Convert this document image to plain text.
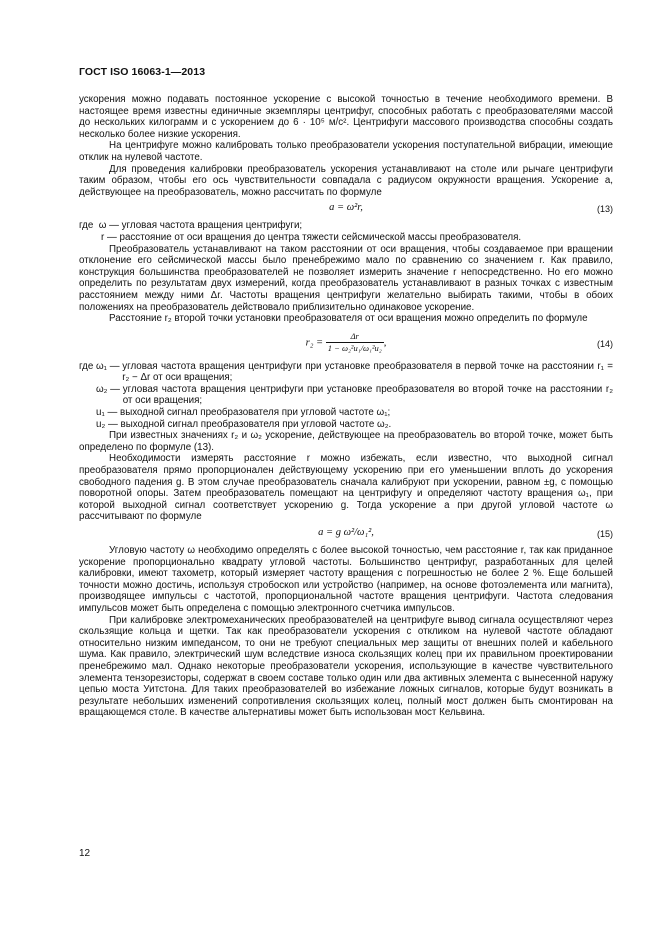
ГОСТ ISO 16063-1—2013

ускорения можно подавать постоянное ускорение с высокой точностью в течение необходимого времени. В настоящее время известны единичные экземпляры центрифуг, способных работать с преобразователями массой до нескольких килограмм и с ускорением до 6 · 10⁵ м/с². Центрифуги массового производства способны создать несколько более низкие ускорения.

На центрифуге можно калибровать только преобразователи ускорения поступательной вибрации, имеющие отклик на нулевой частоте.

Для проведения калибровки преобразователь ускорения устанавливают на столе или рычаге центрифуги таким образом, чтобы его ось чувствительности совпадала с радиусом окружности вращения. Ускорение a, действующее на преобразователь, можно рассчитать по формуле

a = ω²r,	(13)
где  ω — угловая частота вращения центрифуги;
r — расстояние от оси вращения до центра тяжести сейсмической массы преобразователя.

Преобразователь устанавливают на таком расстоянии от оси вращения, чтобы создаваемое при вращении отклонение его сейсмической массы было пренебрежимо мало по сравнению со значением r. Как правило, конструкция большинства преобразователей не позволяет измерить значение r непосредственно. Но его можно определить по результатам двух измерений, когда преобразователь устанавливают в разных точках с известным расстоянием между ними Δr. Частоты вращения центрифуги желательно выбирать такими, чтобы в обоих положениях на преобразователь действовало приблизительно одинаковое ускорение.

Расстояние r₂ второй точки установки преобразователя от оси вращения можно определить по формуле

$r_2 = \frac{\Delta r}{\text{1 − ω₂²u₁/ω₁²u₂}}$ ,	(14)
где ω₁ — угловая частота вращения центрифуги при установке преобразователя в первой точке на расстоянии r₁ = r₂ − Δr от оси вращения;
ω₂ — угловая частота вращения центрифуги при установке преобразователя во второй точке на расстоянии r₂ от оси вращения;
u₁ — выходной сигнал преобразователя при угловой частоте ω₁;
u₂ — выходной сигнал преобразователя при угловой частоте ω₂.

При известных значениях r₂ и ω₂ ускорение, действующее на преобразователь во второй точке, может быть определено по формуле (13).

Необходимости измерять расстояние r можно избежать, если известно, что выходной сигнал преобразователя прямо пропорционален действующему ускорению при его уменьшении вплоть до ускорения свободного падения g. В этом случае преобразователь сначала калибруют при ускорении, равном ±g, с помощью поворотной опоры. Затем преобразователь помещают на центрифугу и определяют частоту вращения ω₁, при которой выходной сигнал соответствует ускорению g. Тогда ускорение a при другой угловой частоте ω рассчитывают по формуле

a = g ω²/ω₁²,	(15)

Угловую частоту ω необходимо определять с более высокой точностью, чем расстояние r, так как приданное ускорение пропорционально квадрату угловой частоты. Большинство центрифуг, разработанных для целей калибровки, имеют тахометр, который измеряет частоту вращения с погрешностью не более 2 %. Еще большей точности можно достичь, используя стробоскоп или устройство (например, на основе фотоэлемента или магнита), производящее импульсы с частотой, пропорциональной частоте вращения центрифуги. Частота следования импульсов может быть определена с помощью электронного счетчика импульсов.

При калибровке электромеханических преобразователей на центрифуге вывод сигнала осуществляют через скользящие кольца и щетки. Так как преобразователи ускорения с откликом на нулевой частоте обладают относительно низким импедансом, то они не требуют специальных мер защиты от внешних полей и кабельного шума. Как правило, электрический шум вследствие износа скользящих колец при их правильном проектировании пренебрежимо мал. Однако некоторые преобразователи ускорения, использующие в качестве чувствительного элемента тензорезисторы, содержат в своем составе только один или два активных элемента с вынесенной наружу цепью моста Уитстона. Для таких преобразователей во избежание ложных сигналов, которые будут возникать в результате небольших изменений сопротивления скользящих колец, полный мост должен быть смонтирован на вращающемся столе. В качестве альтернативы может быть использован мост Кельвина.

12
